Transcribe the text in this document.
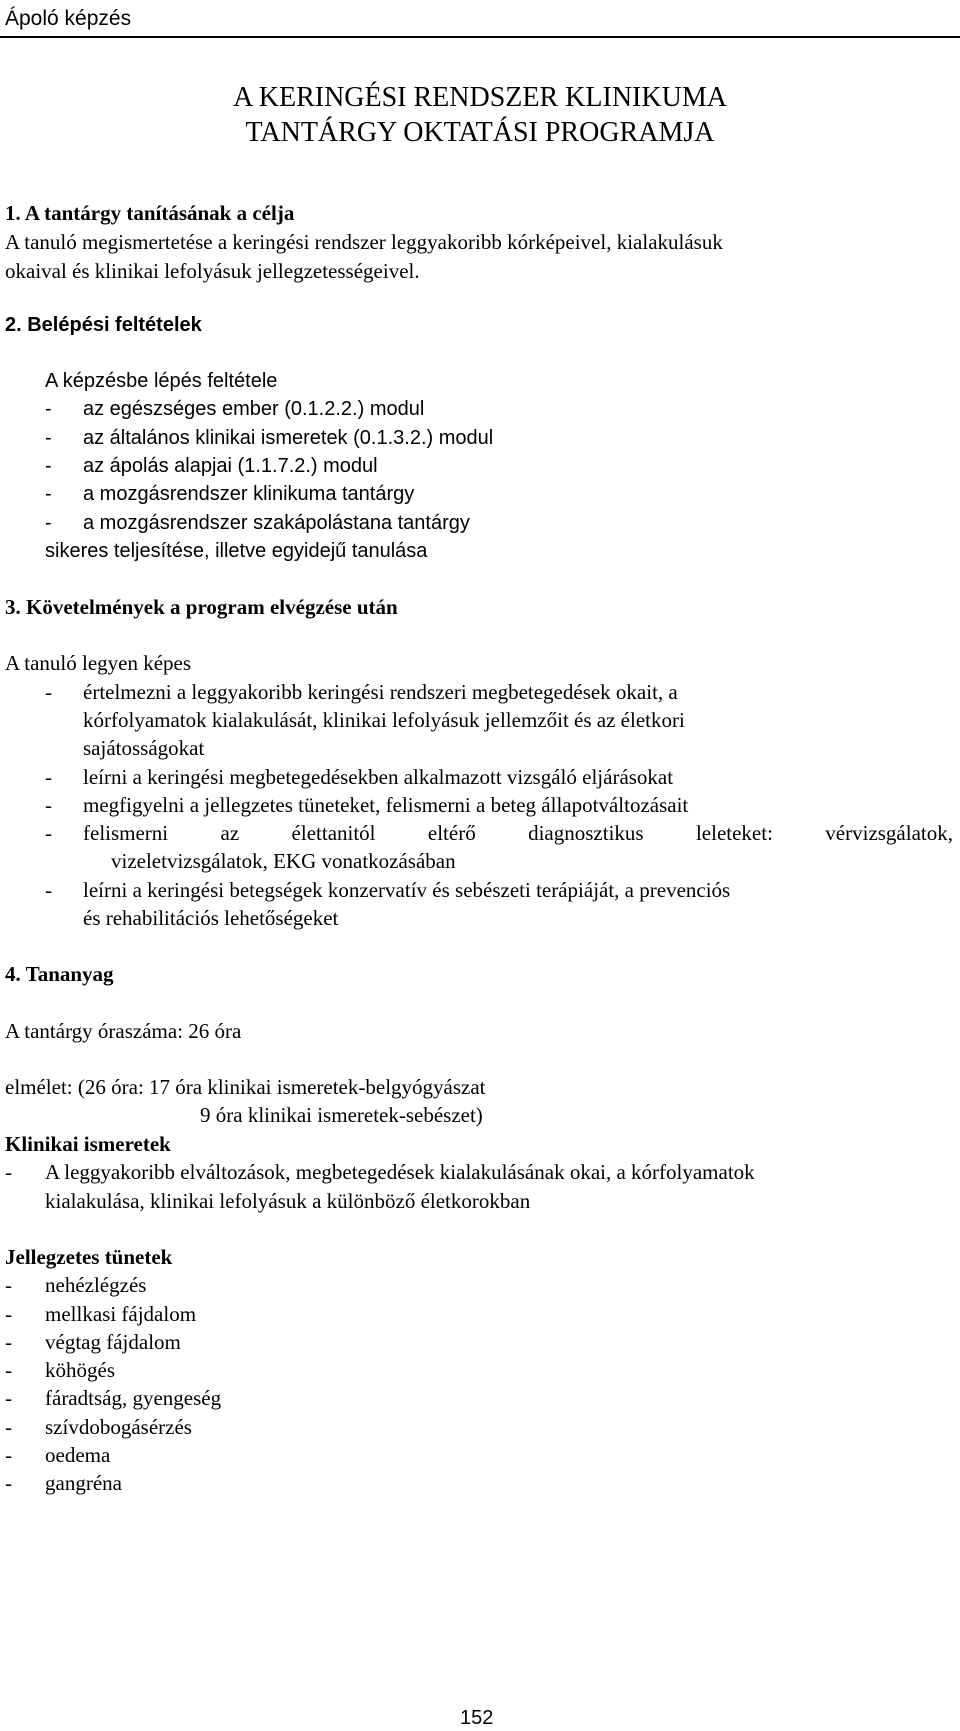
Ápoló képzés
A KERINGÉSI RENDSZER KLINIKUMA
TANTÁRGY OKTATÁSI PROGRAMJA
1. A tantárgy tanításának a célja
A tanuló megismertetése a keringési rendszer leggyakoribb kórképeivel, kialakulásuk
okaival és klinikai lefolyásuk jellegzetességeivel.
2. Belépési feltételek
A képzésbe lépés feltétele
- az egészséges ember (0.1.2.2.) modul
- az általános klinikai ismeretek (0.1.3.2.) modul
- az ápolás alapjai (1.1.7.2.) modul
- a mozgásrendszer klinikuma tantárgy
- a mozgásrendszer szakápolástana tantárgy
sikeres teljesítése, illetve egyidejű tanulása
3. Követelmények a program elvégzése után
A tanuló legyen képes
- értelmezni a leggyakoribb keringési rendszeri megbetegedések okait, a
kórfolyamatok kialakulását, klinikai lefolyásuk jellemzőit és az életkori
sajátosságokat
- leírni a keringési megbetegedésekben alkalmazott vizsgáló eljárásokat
- megfigyelni a jellegzetes tüneteket, felismerni a beteg állapotváltozásait
- felismerni az élettanitól eltérő diagnosztikus leleteket: vérvizsgálatok,
vizeletvizsgálatok, EKG vonatkozásában
- leírni a keringési betegségek konzervatív és sebészeti terápiáját, a prevenciós
és rehabilitációs lehetőségeket
4. Tananyag
A tantárgy óraszáma: 26 óra
elmélet: (26 óra: 17 óra klinikai ismeretek-belgyógyászat
9 óra klinikai ismeretek-sebészet)
Klinikai ismeretek
- A leggyakoribb elváltozások, megbetegedések kialakulásának okai, a kórfolyamatok
kialakulása, klinikai lefolyásuk a különböző életkorokban
Jellegzetes tünetek
- nehézlégzés
- mellkasi fájdalom
- végtag fájdalom
- köhögés
- fáradtság, gyengeség
- szívdobogásérzés
- oedema
- gangréna
152
